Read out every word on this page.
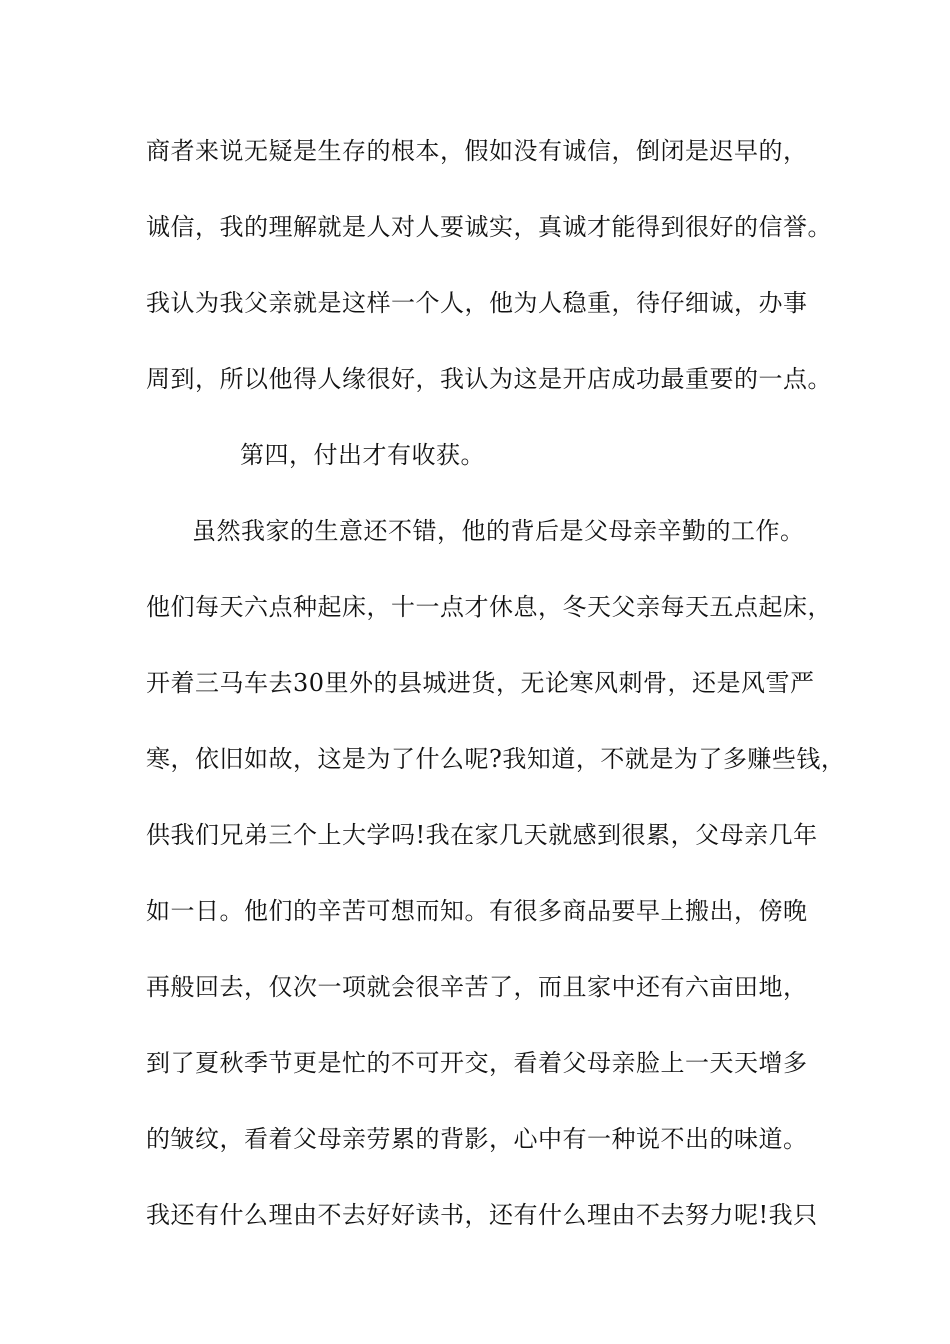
商者来说无疑是生存的根本，假如没有诚信，倒闭是迟早的，
诚信，我的理解就是人对人要诚实，真诚才能得到很好的信誉。
我认为我父亲就是这样一个人，他为人稳重，待仔细诚，办事
周到，所以他得人缘很好，我认为这是开店成功最重要的一点。
第四，付出才有收获。
虽然我家的生意还不错，他的背后是父母亲辛勤的工作。
他们每天六点种起床，十一点才休息，冬天父亲每天五点起床，
开着三马车去30里外的县城进货，无论寒风刺骨，还是风雪严
寒，依旧如故，这是为了什么呢?我知道，不就是为了多赚些钱，
供我们兄弟三个上大学吗!我在家几天就感到很累，父母亲几年
如一日。他们的辛苦可想而知。有很多商品要早上搬出，傍晚
再般回去，仅次一项就会很辛苦了，而且家中还有六亩田地，
到了夏秋季节更是忙的不可开交，看着父母亲脸上一天天增多
的皱纹，看着父母亲劳累的背影，心中有一种说不出的味道。
我还有什么理由不去好好读书，还有什么理由不去努力呢!我只
